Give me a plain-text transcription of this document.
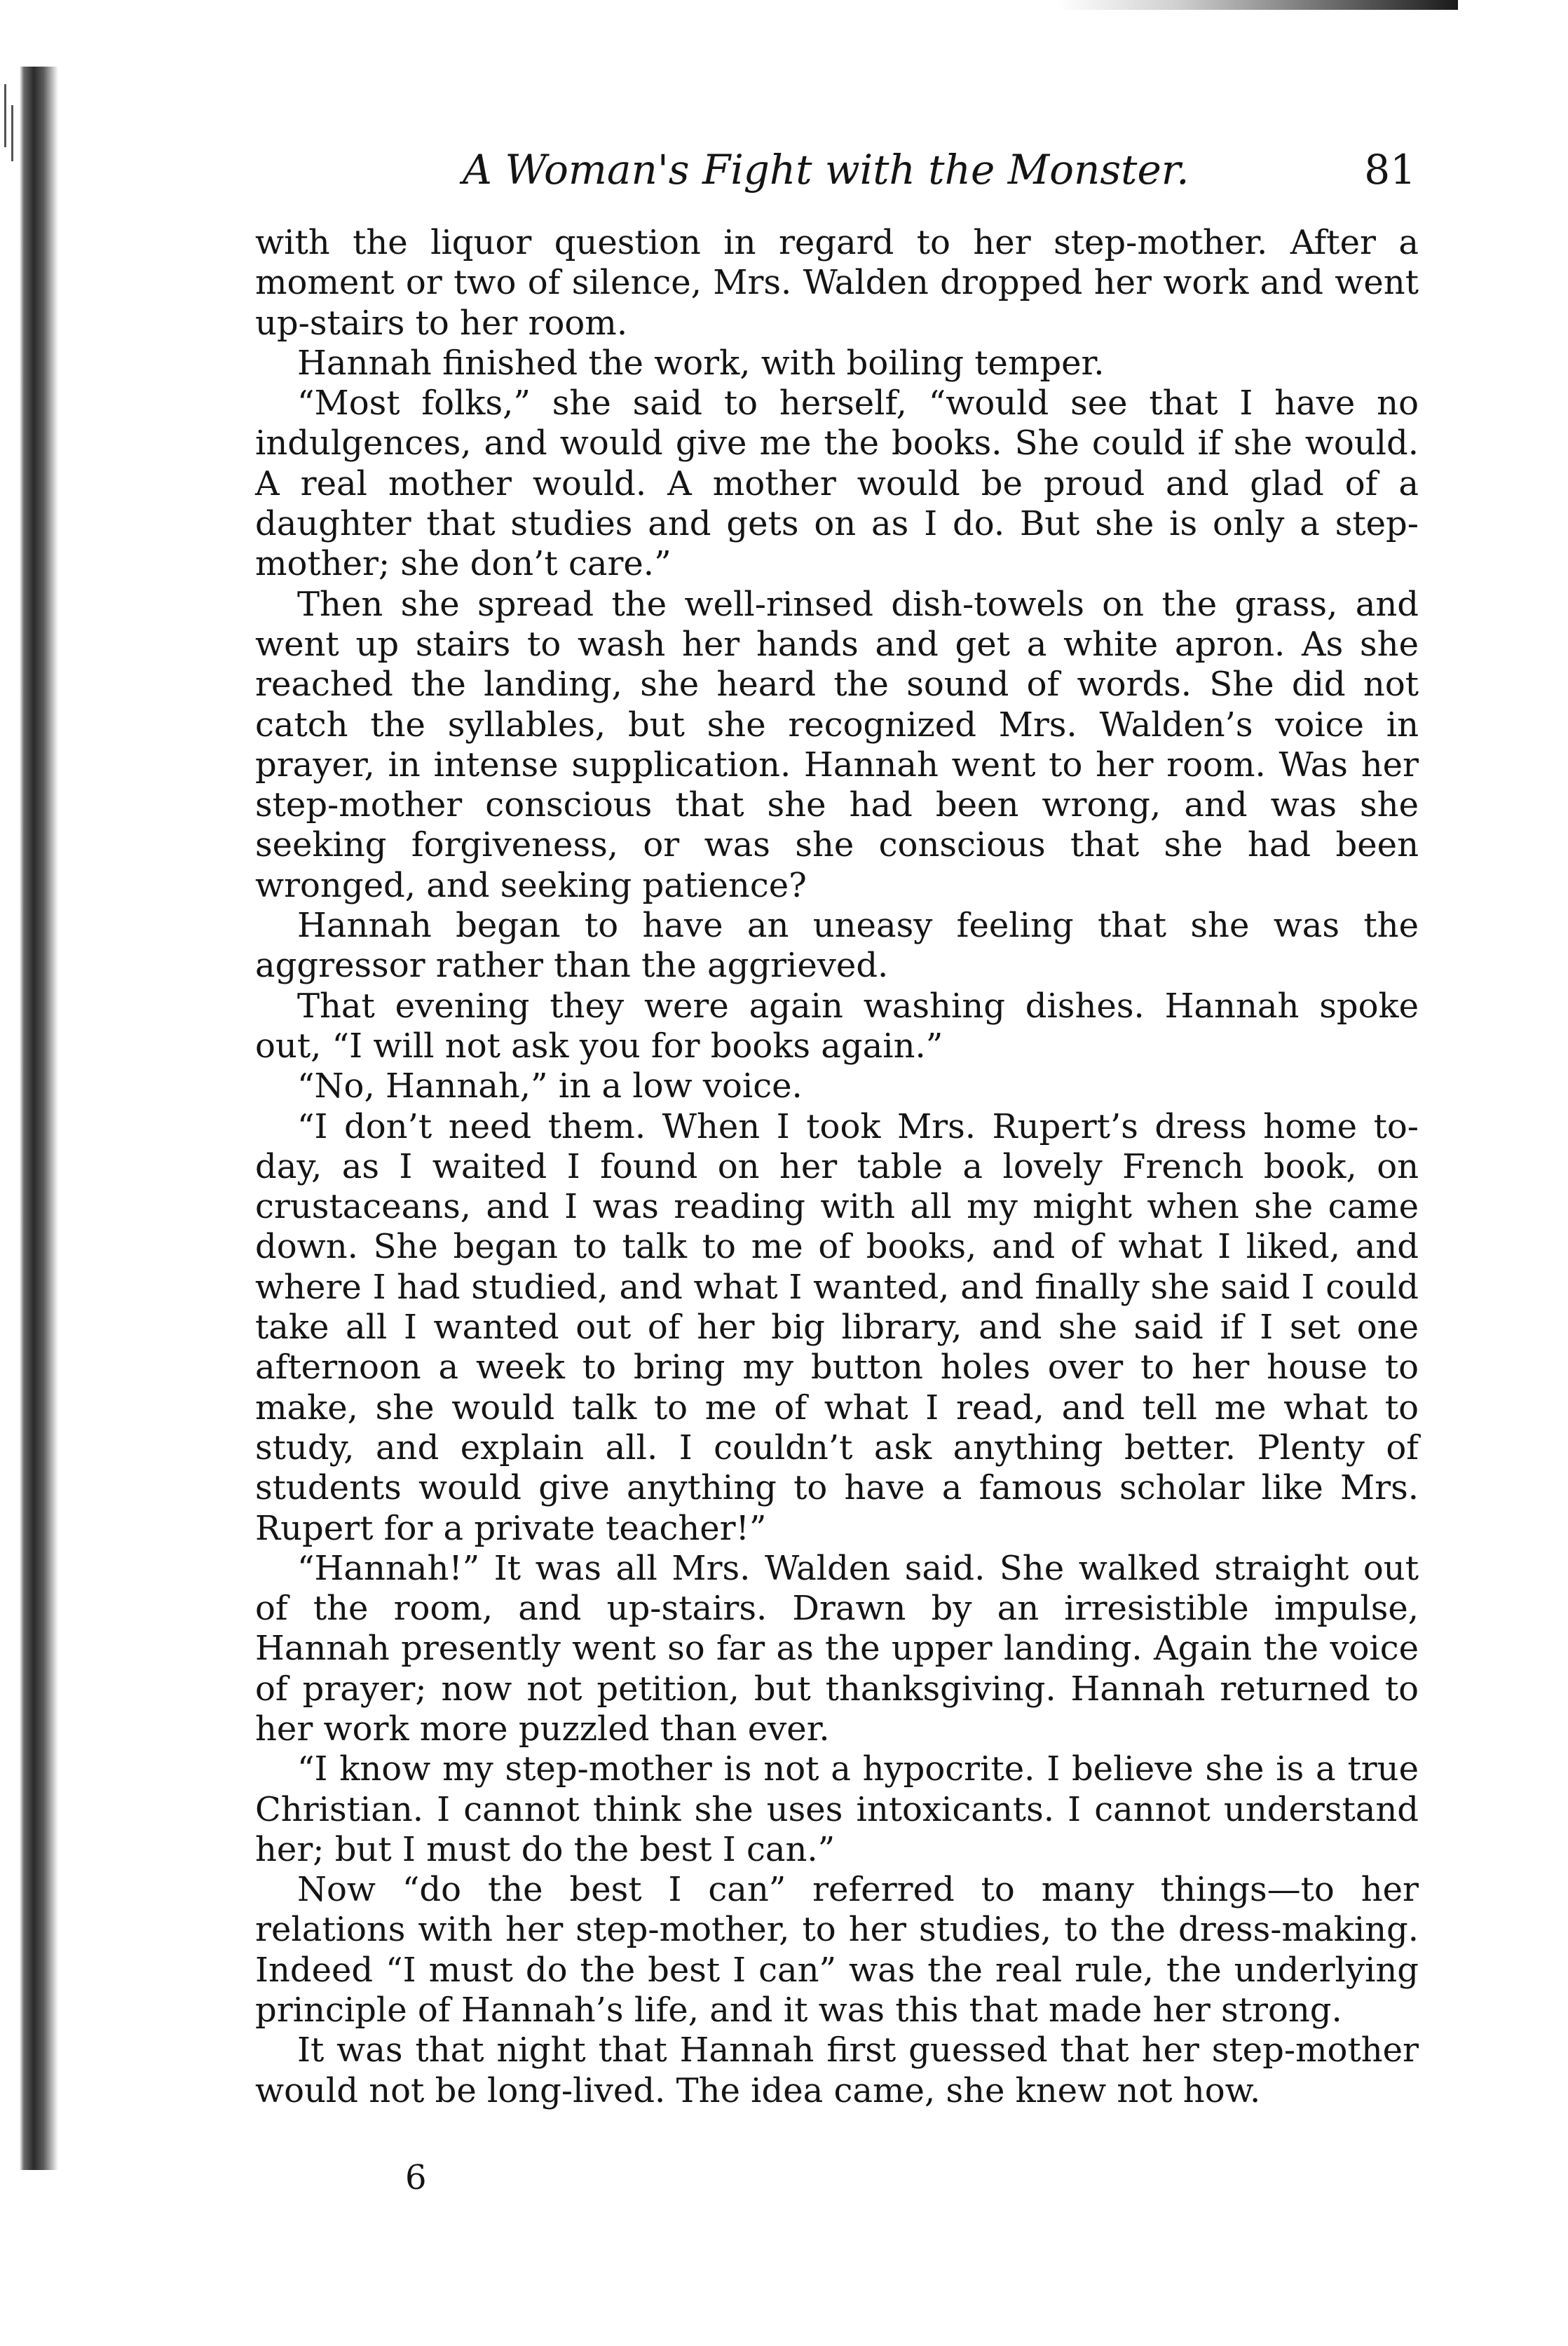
A Woman's Fight with the Monster.	81

with the liquor question in regard to her step-mother. After a moment or two of silence, Mrs. Walden dropped her work and went up-stairs to her room.

Hannah finished the work, with boiling temper.

“Most folks,” she said to herself, “would see that I have no indulgences, and would give me the books. She could if she would. A real mother would. A mother would be proud and glad of a daughter that studies and gets on as I do. But she is only a step-mother; she don’t care.”

Then she spread the well-rinsed dish-towels on the grass, and went up stairs to wash her hands and get a white apron. As she reached the landing, she heard the sound of words. She did not catch the syllables, but she recognized Mrs. Walden’s voice in prayer, in intense supplication. Hannah went to her room. Was her step-mother conscious that she had been wrong, and was she seeking forgiveness, or was she conscious that she had been wronged, and seeking patience?

Hannah began to have an uneasy feeling that she was the aggressor rather than the aggrieved.

That evening they were again washing dishes. Hannah spoke out, “I will not ask you for books again.”

“No, Hannah,” in a low voice.

“I don’t need them. When I took Mrs. Rupert’s dress home to-day, as I waited I found on her table a lovely French book, on crustaceans, and I was reading with all my might when she came down. She began to talk to me of books, and of what I liked, and where I had studied, and what I wanted, and finally she said I could take all I wanted out of her big library, and she said if I set one afternoon a week to bring my button holes over to her house to make, she would talk to me of what I read, and tell me what to study, and explain all. I couldn’t ask anything better. Plenty of students would give anything to have a famous scholar like Mrs. Rupert for a private teacher!”

“Hannah!” It was all Mrs. Walden said. She walked straight out of the room, and up-stairs. Drawn by an irresistible impulse, Hannah presently went so far as the upper landing. Again the voice of prayer; now not petition, but thanksgiving. Hannah returned to her work more puzzled than ever.

“I know my step-mother is not a hypocrite. I believe she is a true Christian. I cannot think she uses intoxicants. I cannot understand her; but I must do the best I can.”

Now “do the best I can” referred to many things—to her relations with her step-mother, to her studies, to the dress-making. Indeed “I must do the best I can” was the real rule, the underlying principle of Hannah’s life, and it was this that made her strong.

It was that night that Hannah first guessed that her step-mother would not be long-lived. The idea came, she knew not how.

6
